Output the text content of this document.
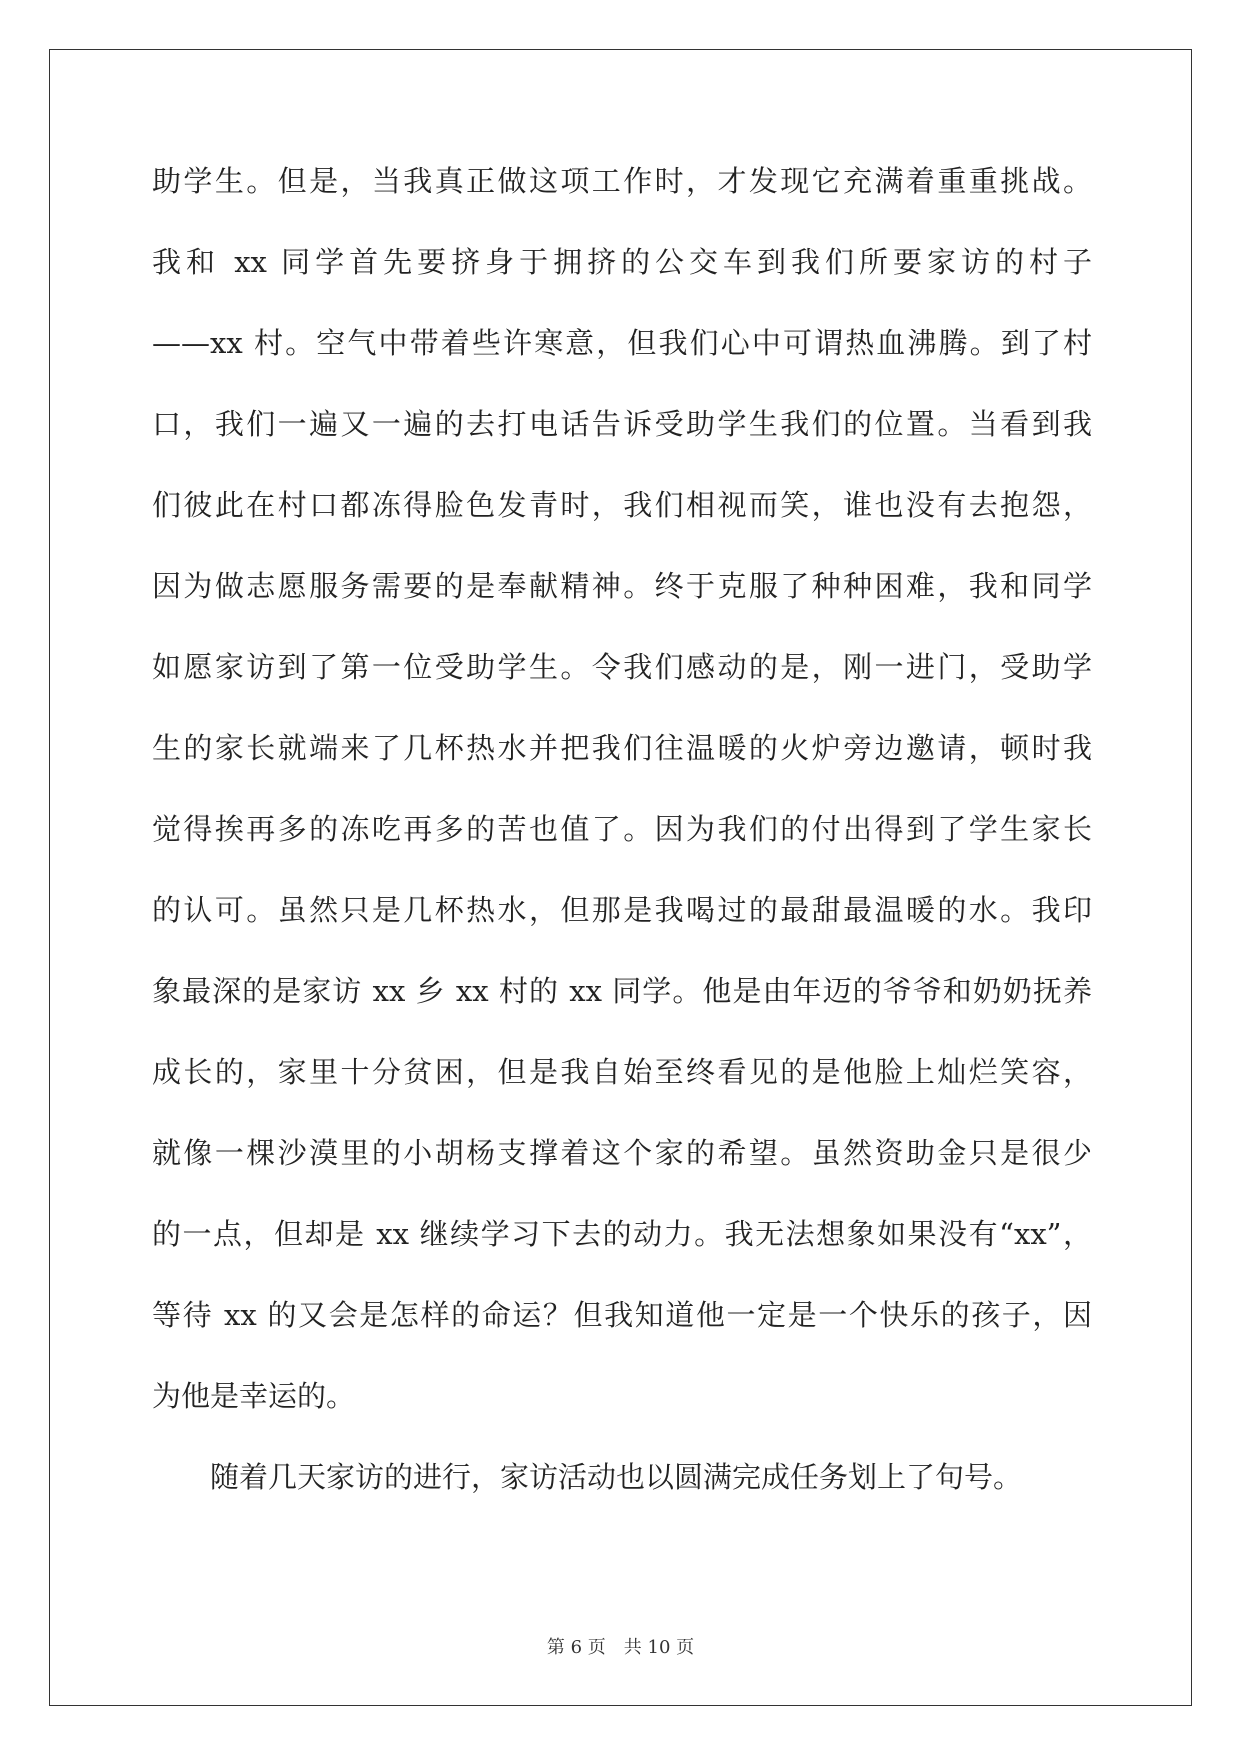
助学生。但是，当我真正做这项工作时，才发现它充满着重重挑战。
我和 xx 同学首先要挤身于拥挤的公交车到我们所要家访的村子
——xx 村。空气中带着些许寒意，但我们心中可谓热血沸腾。到了村
口，我们一遍又一遍的去打电话告诉受助学生我们的位置。当看到我
们彼此在村口都冻得脸色发青时，我们相视而笑，谁也没有去抱怨，
因为做志愿服务需要的是奉献精神。终于克服了种种困难，我和同学
如愿家访到了第一位受助学生。令我们感动的是，刚一进门，受助学
生的家长就端来了几杯热水并把我们往温暖的火炉旁边邀请，顿时我
觉得挨再多的冻吃再多的苦也值了。因为我们的付出得到了学生家长
的认可。虽然只是几杯热水，但那是我喝过的最甜最温暖的水。我印
象最深的是家访 xx 乡 xx 村的 xx 同学。他是由年迈的爷爷和奶奶抚养
成长的，家里十分贫困，但是我自始至终看见的是他脸上灿烂笑容，
就像一棵沙漠里的小胡杨支撑着这个家的希望。虽然资助金只是很少
的一点，但却是 xx 继续学习下去的动力。我无法想象如果没有“xx”，
等待 xx 的又会是怎样的命运？但我知道他一定是一个快乐的孩子，因
为他是幸运的。
随着几天家访的进行，家访活动也以圆满完成任务划上了句号。
第 6 页 共 10 页
